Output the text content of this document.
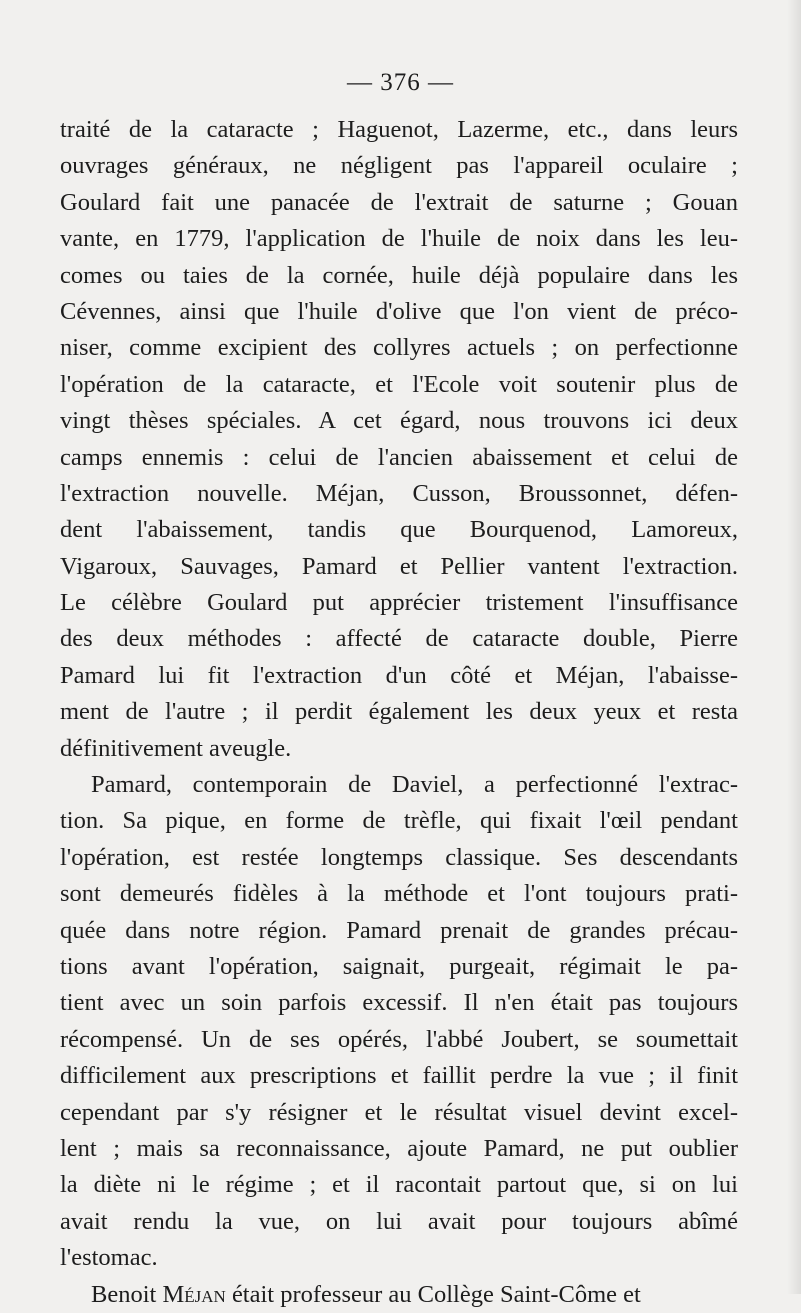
— 376 —
traité de la cataracte ; Haguenot, Lazerme, etc., dans leurs
ouvrages généraux, ne négligent pas l'appareil oculaire ;
Goulard fait une panacée de l'extrait de saturne ; Gouan
vante, en 1779, l'application de l'huile de noix dans les leu-
comes ou taies de la cornée, huile déjà populaire dans les
Cévennes, ainsi que l'huile d'olive que l'on vient de préco-
niser, comme excipient des collyres actuels ; on perfectionne
l'opération de la cataracte, et l'Ecole voit soutenir plus de
vingt thèses spéciales. A cet égard, nous trouvons ici deux
camps ennemis : celui de l'ancien abaissement et celui de
l'extraction nouvelle. Méjan, Cusson, Broussonnet, défen-
dent l'abaissement, tandis que Bourquenod, Lamoreux,
Vigaroux, Sauvages, Pamard et Pellier vantent l'extraction.
Le célèbre Goulard put apprécier tristement l'insuffisance
des deux méthodes : affecté de cataracte double, Pierre
Pamard lui fit l'extraction d'un côté et Méjan, l'abaisse-
ment de l'autre ; il perdit également les deux yeux et resta
définitivement aveugle.
Pamard, contemporain de Daviel, a perfectionné l'extrac-
tion. Sa pique, en forme de trèfle, qui fixait l'œil pendant
l'opération, est restée longtemps classique. Ses descendants
sont demeurés fidèles à la méthode et l'ont toujours prati-
quée dans notre région. Pamard prenait de grandes précau-
tions avant l'opération, saignait, purgeait, régimait le pa-
tient avec un soin parfois excessif. Il n'en était pas toujours
récompensé. Un de ses opérés, l'abbé Joubert, se soumettait
difficilement aux prescriptions et faillit perdre la vue ; il finit
cependant par s'y résigner et le résultat visuel devint excel-
lent ; mais sa reconnaissance, ajoute Pamard, ne put oublier
la diète ni le régime ; et il racontait partout que, si on lui
avait rendu la vue, on lui avait pour toujours abîmé
l'estomac.
Benoit Méjan était professeur au Collège Saint-Côme et
